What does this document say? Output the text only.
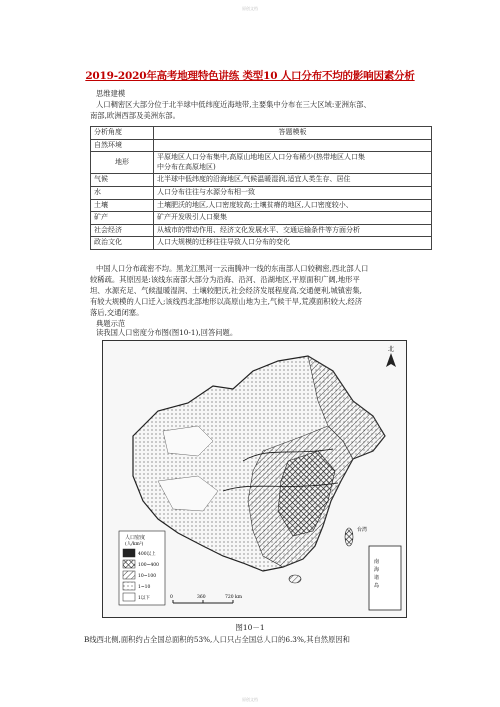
原创文档
2019-2020年高考地理特色讲练 类型10 人口分布不均的影响因素分析
思维建模
人口稠密区大部分位于北半球中低纬度近海地带,主要集中分布在三大区域:亚洲东部、
南部,欧洲西部及美洲东部。
分析角度	答题模板
自然环境	
地形	平原地区人口分布集中,高原山地地区人口分布稀少(热带地区人口集
中分布在高原地区)

气候	北半球中低纬度的沿海地区,气候温暖湿润,适宜人类生存、居住
水	人口分布往往与水源分布相一致
土壤	土壤肥沃的地区,人口密度较高;土壤贫瘠的地区,人口密度较小、
矿产	矿产开发吸引人口聚集
社会经济	从城市的带动作用、经济文化发展水平、交通运输条件等方面分析
政治文化	人口大规模的迁移往往导致人口分布的变化
中国人口分布疏密不均。黑龙江黑河一云南腾冲一线的东南部人口较稠密,西北部人口
较稀疏。其原因是:该线东南部大部分为沿海、沿河、沿湖地区,平原面积广阔,地形平
坦、水源充足、气候温暖湿润、土壤较肥沃,社会经济发展程度高,交通便利,城镇密集,
有较大规模的人口迁入;该线西北部地形以高原山地为主,气候干旱,荒漠面积较大,经济
落后,交通闭塞。
典题示范
北
台湾
南
海
诸
岛
人口密度
(人/km²)
400以上
100~400
10~100
1~10
1以下	0	360	720 km
图10－1
B线西北侧,面积约占全国总面积的53%,人口只占全国总人口的6.3%,其自然原因和
原创文档
读我国人口密度分布图(图10-1),回答问题。
